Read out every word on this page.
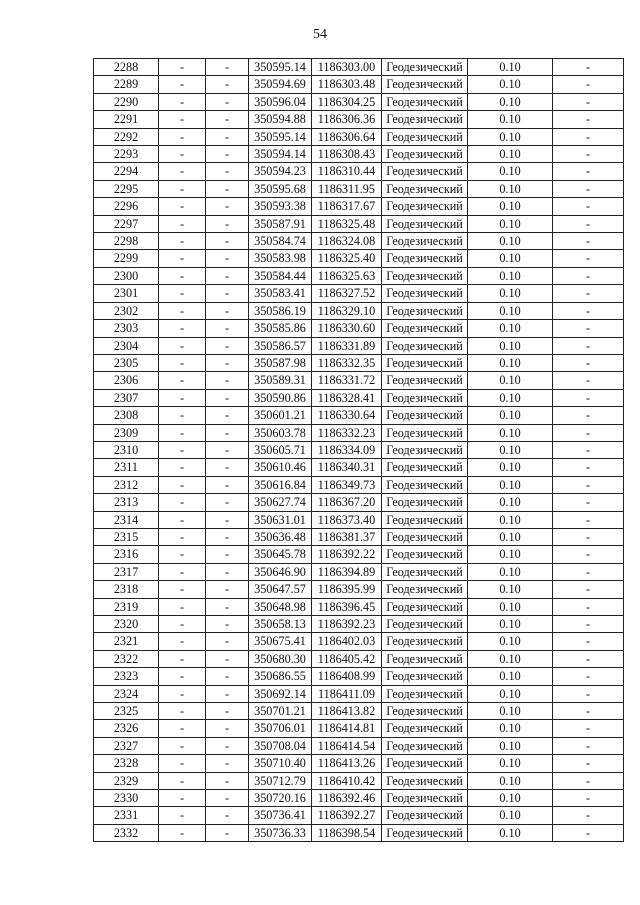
54
2288	-	-	350595.14	1186303.00	Геодезический	0.10	-
2289	-	-	350594.69	1186303.48	Геодезический	0.10	-
2290	-	-	350596.04	1186304.25	Геодезический	0.10	-
2291	-	-	350594.88	1186306.36	Геодезический	0.10	-
2292	-	-	350595.14	1186306.64	Геодезический	0.10	-
2293	-	-	350594.14	1186308.43	Геодезический	0.10	-
2294	-	-	350594.23	1186310.44	Геодезический	0.10	-
2295	-	-	350595.68	1186311.95	Геодезический	0.10	-
2296	-	-	350593.38	1186317.67	Геодезический	0.10	-
2297	-	-	350587.91	1186325.48	Геодезический	0.10	-
2298	-	-	350584.74	1186324.08	Геодезический	0.10	-
2299	-	-	350583.98	1186325.40	Геодезический	0.10	-
2300	-	-	350584.44	1186325.63	Геодезический	0.10	-
2301	-	-	350583.41	1186327.52	Геодезический	0.10	-
2302	-	-	350586.19	1186329.10	Геодезический	0.10	-
2303	-	-	350585.86	1186330.60	Геодезический	0.10	-
2304	-	-	350586.57	1186331.89	Геодезический	0.10	-
2305	-	-	350587.98	1186332.35	Геодезический	0.10	-
2306	-	-	350589.31	1186331.72	Геодезический	0.10	-
2307	-	-	350590.86	1186328.41	Геодезический	0.10	-
2308	-	-	350601.21	1186330.64	Геодезический	0.10	-
2309	-	-	350603.78	1186332.23	Геодезический	0.10	-
2310	-	-	350605.71	1186334.09	Геодезический	0.10	-
2311	-	-	350610.46	1186340.31	Геодезический	0.10	-
2312	-	-	350616.84	1186349.73	Геодезический	0.10	-
2313	-	-	350627.74	1186367.20	Геодезический	0.10	-
2314	-	-	350631.01	1186373.40	Геодезический	0.10	-
2315	-	-	350636.48	1186381.37	Геодезический	0.10	-
2316	-	-	350645.78	1186392.22	Геодезический	0.10	-
2317	-	-	350646.90	1186394.89	Геодезический	0.10	-
2318	-	-	350647.57	1186395.99	Геодезический	0.10	-
2319	-	-	350648.98	1186396.45	Геодезический	0.10	-
2320	-	-	350658.13	1186392.23	Геодезический	0.10	-
2321	-	-	350675.41	1186402.03	Геодезический	0.10	-
2322	-	-	350680.30	1186405.42	Геодезический	0.10	-
2323	-	-	350686.55	1186408.99	Геодезический	0.10	-
2324	-	-	350692.14	1186411.09	Геодезический	0.10	-
2325	-	-	350701.21	1186413.82	Геодезический	0.10	-
2326	-	-	350706.01	1186414.81	Геодезический	0.10	-
2327	-	-	350708.04	1186414.54	Геодезический	0.10	-
2328	-	-	350710.40	1186413.26	Геодезический	0.10	-
2329	-	-	350712.79	1186410.42	Геодезический	0.10	-
2330	-	-	350720.16	1186392.46	Геодезический	0.10	-
2331	-	-	350736.41	1186392.27	Геодезический	0.10	-
2332	-	-	350736.33	1186398.54	Геодезический	0.10	-
